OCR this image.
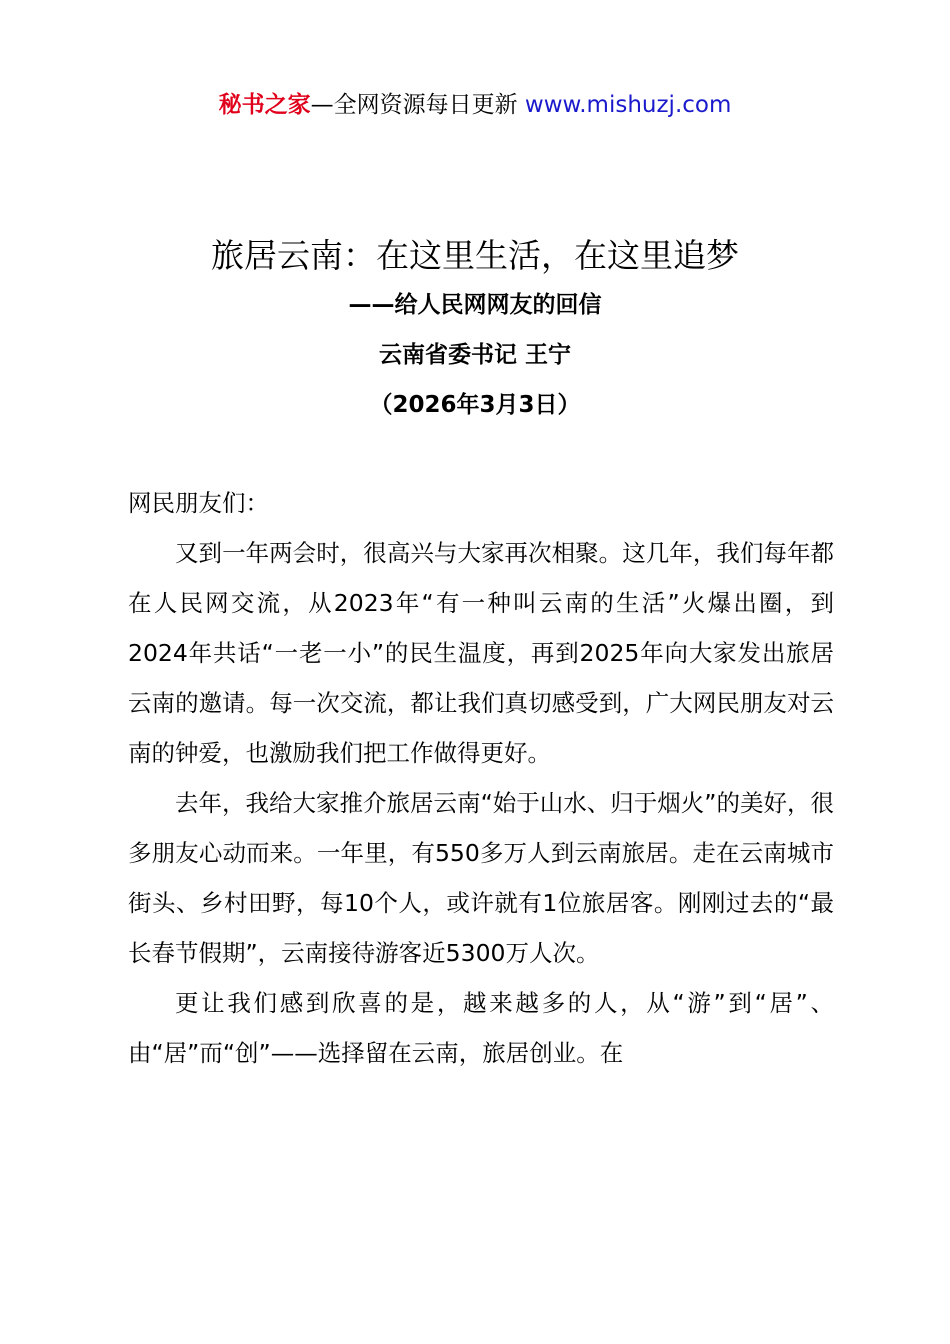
秘书之家—全网资源每日更新 www.mishuzj.com
旅居云南：在这里生活，在这里追梦
——给人民网网友的回信
云南省委书记 王宁
（2026年3月3日）
网民朋友们：

又到一年两会时，很高兴与大家再次相聚。这几年，我们每年都在人民网交流，从2023年“有一种叫云南的生活”火爆出圈，到2024年共话“一老一小”的民生温度，再到2025年向大家发出旅居云南的邀请。每一次交流，都让我们真切感受到，广大网民朋友对云南的钟爱，也激励我们把工作做得更好。

去年，我给大家推介旅居云南“始于山水、归于烟火”的美好，很多朋友心动而来。一年里，有550多万人到云南旅居。走在云南城市街头、乡村田野，每10个人，或许就有1位旅居客。刚刚过去的“最长春节假期”，云南接待游客近5300万人次。

更让我们感到欣喜的是，越来越多的人，从“游”到“居”、由“居”而“创”——选择留在云南，旅居创业。在
